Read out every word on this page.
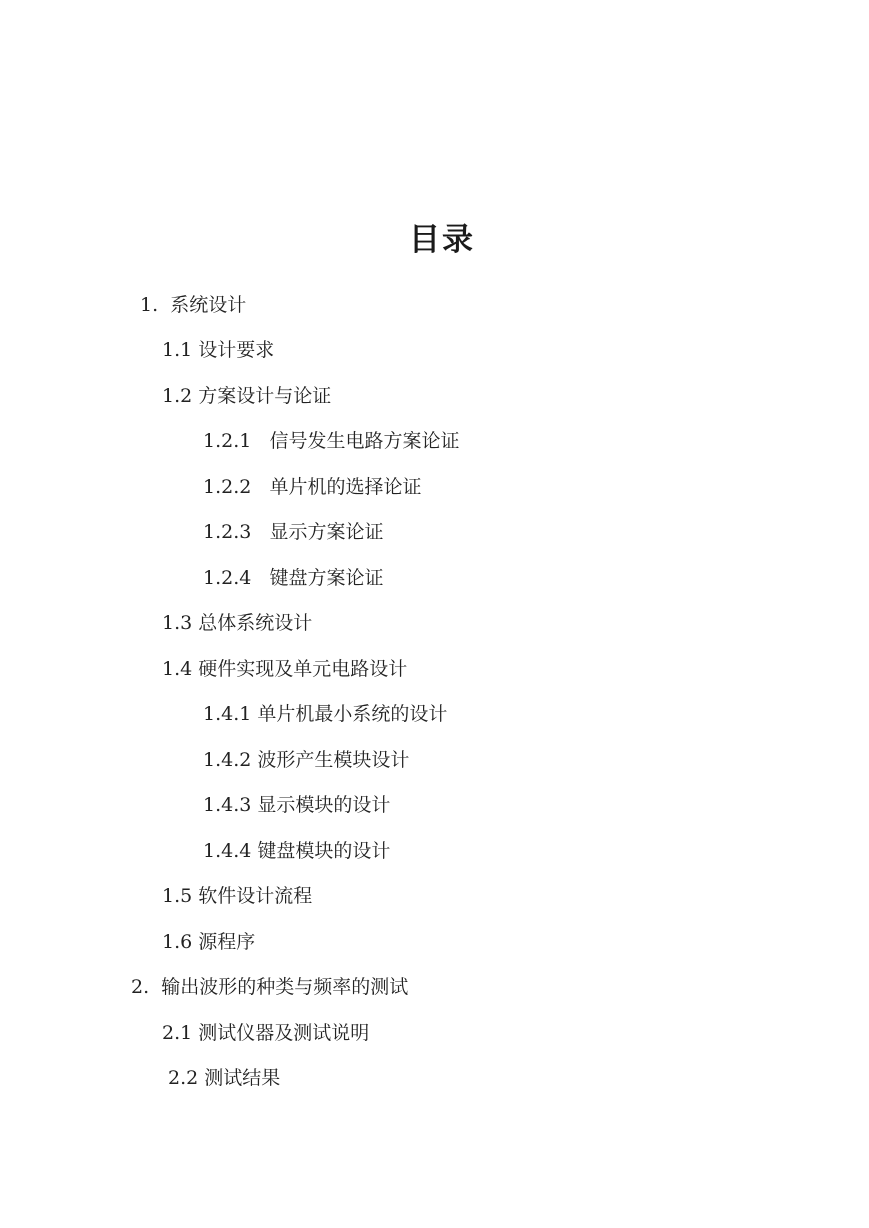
目录
1.  系统设计
1.1 设计要求
1.2 方案设计与论证
1.2.1   信号发生电路方案论证
1.2.2   单片机的选择论证
1.2.3   显示方案论证
1.2.4   键盘方案论证
1.3 总体系统设计
1.4 硬件实现及单元电路设计
1.4.1 单片机最小系统的设计
1.4.2 波形产生模块设计
1.4.3 显示模块的设计
1.4.4 键盘模块的设计
1.5 软件设计流程
1.6 源程序
2.  输出波形的种类与频率的测试
2.1 测试仪器及测试说明
2.2 测试结果
